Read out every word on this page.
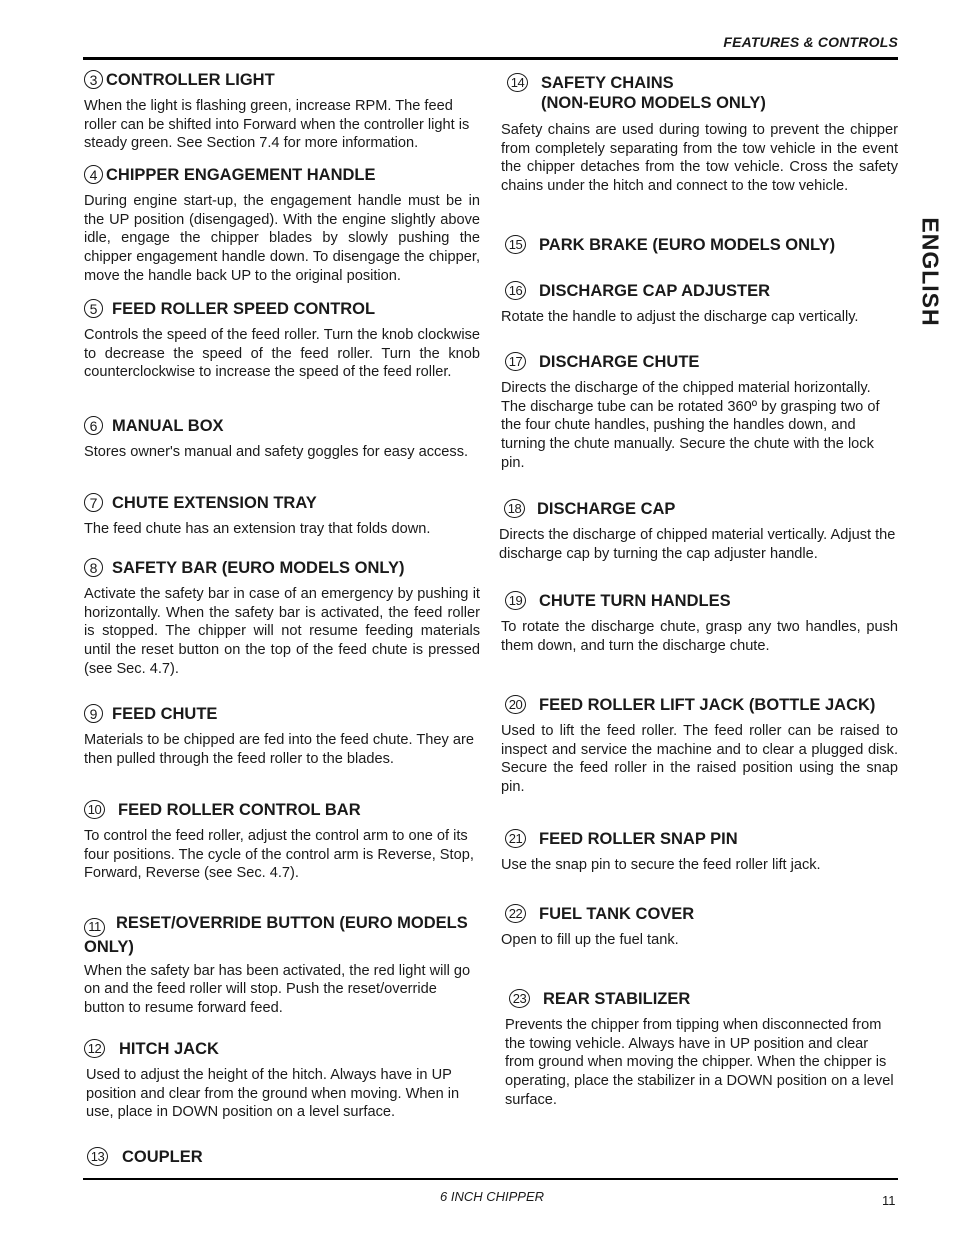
FEATURES & CONTROLS
ENGLISH
3 CONTROLLER LIGHT

When the light is flashing green, increase RPM. The feed roller can be shifted into Forward when the controller light is steady green. See Section 7.4 for more information.

4 CHIPPER ENGAGEMENT HANDLE

During engine start-up, the engagement handle must be in the UP position (disengaged). With the engine slightly above idle, engage the chipper blades by slowly pushing the chipper engagement handle down. To disengage the chipper, move the handle back UP to the original position.

5 FEED ROLLER SPEED CONTROL

Controls the speed of the feed roller. Turn the knob clockwise to decrease the speed of the feed roller. Turn the knob counterclockwise to increase the speed of the feed roller.

6 MANUAL BOX

Stores owner's manual and safety goggles for easy access.

7 CHUTE EXTENSION TRAY

The feed chute has an extension tray that folds down.

8 SAFETY BAR (EURO MODELS ONLY)

Activate the safety bar in case of an emergency by pushing it horizontally. When the safety bar is activated, the feed roller is stopped. The chipper will not resume feeding materials until the reset button on the top of the feed chute is pressed (see Sec. 4.7).

9 FEED CHUTE

Materials to be chipped are fed into the feed chute. They are then pulled through the feed roller to the blades.

10 FEED ROLLER CONTROL BAR

To control the feed roller, adjust the control arm to one of its four positions. The cycle of the control arm is Reverse, Stop, Forward, Reverse (see Sec. 4.7).

11 RESET/OVERRIDE BUTTON (EURO MODELS ONLY)

When the safety bar has been activated, the red light will go on and the feed roller will stop. Push the reset/override button to resume forward feed.

12 HITCH JACK

Used to adjust the height of the hitch. Always have in UP position and clear from the ground when moving. When in use, place in DOWN position on a level surface.

13 COUPLER
14 SAFETY CHAINS
(NON-EURO MODELS ONLY)

Safety chains are used during towing to prevent the chipper from completely separating from the tow vehicle in the event the chipper detaches from the tow vehicle. Cross the safety chains under the hitch and connect to the tow vehicle.

15 PARK BRAKE (EURO MODELS ONLY)
16 DISCHARGE CAP ADJUSTER

Rotate the handle to adjust the discharge cap vertically.

17 DISCHARGE CHUTE

Directs the discharge of the chipped material horizontally. The discharge tube can be rotated 360º by grasping two of the four chute handles, pushing the handles down, and turning the chute manually. Secure the chute with the lock pin.

18 DISCHARGE CAP

Directs the discharge of chipped material vertically. Adjust the discharge cap by turning the cap adjuster handle.

19 CHUTE TURN HANDLES

To rotate the discharge chute, grasp any two handles, push them down, and turn the discharge chute.

20 FEED ROLLER LIFT JACK (BOTTLE JACK)

Used to lift the feed roller. The feed roller can be raised to inspect and service the machine and to clear a plugged disk. Secure the feed roller in the raised position using the snap pin.

21 FEED ROLLER SNAP PIN

Use the snap pin to secure the feed roller lift jack.

22 FUEL TANK COVER

Open to fill up the fuel tank.

23 REAR STABILIZER

Prevents the chipper from tipping when disconnected from the towing vehicle. Always have in UP position and clear from ground when moving the chipper. When the chipper is operating, place the stabilizer in a DOWN position on a level surface.

6 INCH CHIPPER	11
